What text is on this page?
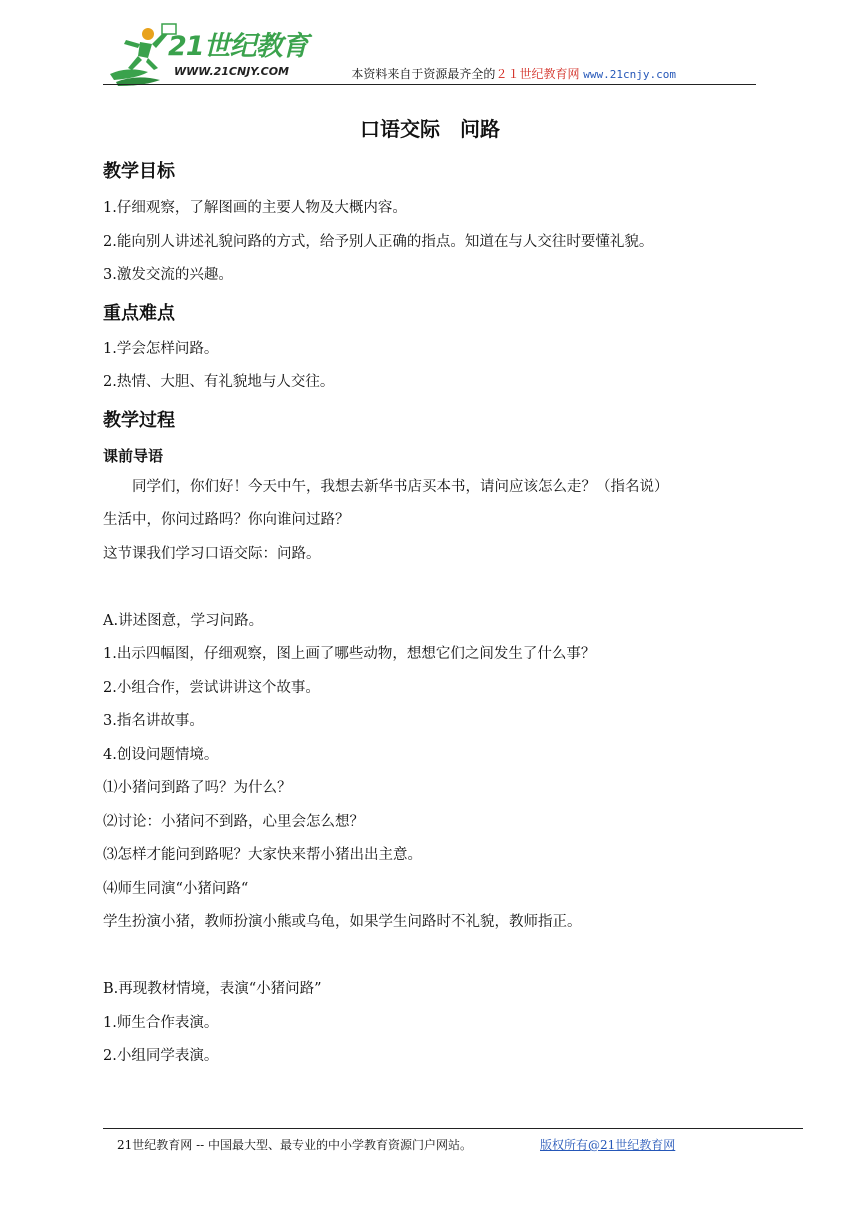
21世纪教育
WWW.21CNJY.COM	本资料来自于资源最齐全的２１世纪教育网 www.21cnjy.com
口语交际　问路
教学目标

1.仔细观察，了解图画的主要人物及大概内容。

2.能向别人讲述礼貌问路的方式，给予别人正确的指点。知道在与人交往时要懂礼貌。

3.激发交流的兴趣。

重点难点

1.学会怎样问路。

2.热情、大胆、有礼貌地与人交往。

教学过程
课前导语

同学们，你们好！今天中午，我想去新华书店买本书，请问应该怎么走？（指名说）

生活中，你问过路吗？你向谁问过路？

这节课我们学习口语交际：问路。

A.讲述图意，学习问路。

1.出示四幅图，仔细观察，图上画了哪些动物，想想它们之间发生了什么事？

2.小组合作，尝试讲讲这个故事。

3.指名讲故事。

4.创设问题情境。

⑴小猪问到路了吗？为什么？

⑵讨论：小猪问不到路，心里会怎么想？

⑶怎样才能问到路呢？大家快来帮小猪出出主意。

⑷师生同演“小猪问路“

学生扮演小猪，教师扮演小熊或乌龟，如果学生问路时不礼貌，教师指正。

B.再现教材情境，表演“小猪问路”

1.师生合作表演。

2.小组同学表演。

21世纪教育网 -- 中国最大型、最专业的中小学教育资源门户网站。	版权所有@21世纪教育网
